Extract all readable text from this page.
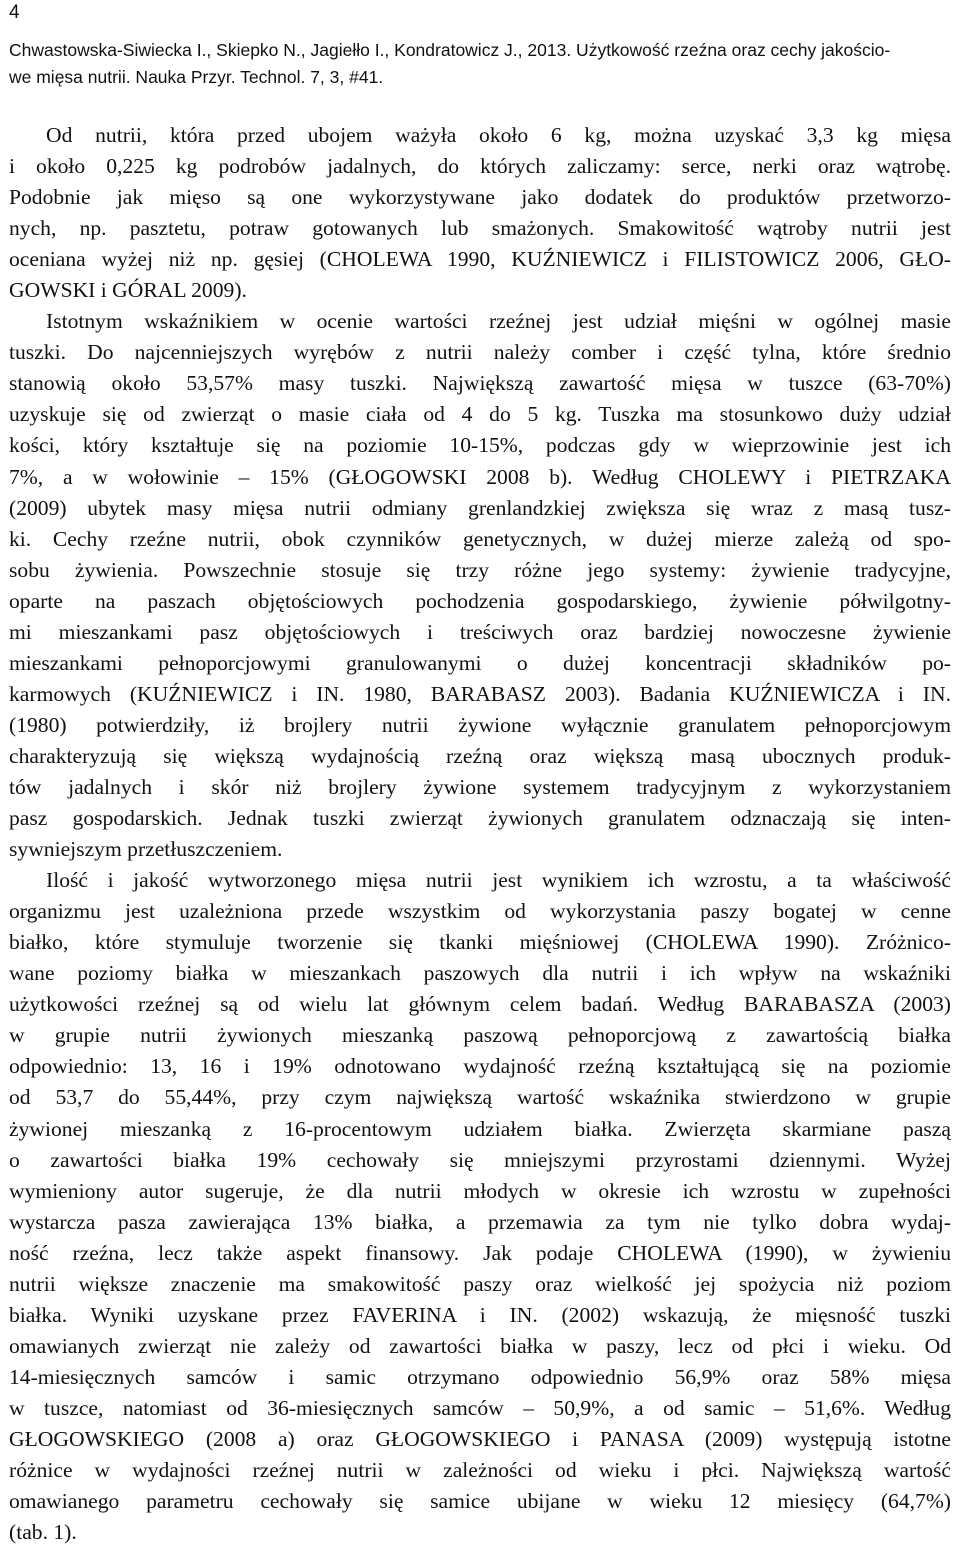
4
Chwastowska-Siwiecka I., Skiepko N., Jagiełło I., Kondratowicz J., 2013. Użytkowość rzeźna oraz cechy jakościo-
we mięsa nutrii. Nauka Przyr. Technol. 7, 3, #41.
Od nutrii, która przed ubojem ważyła około 6 kg, można uzyskać 3,3 kg mięsa
i około 0,225 kg podrobów jadalnych, do których zaliczamy: serce, nerki oraz wątrobę.
Podobnie jak mięso są one wykorzystywane jako dodatek do produktów przetworzo-
nych, np. pasztetu, potraw gotowanych lub smażonych. Smakowitość wątroby nutrii jest
oceniana wyżej niż np. gęsiej (CHOLEWA 1990, KUŹNIEWICZ i FILISTOWICZ 2006, GŁO-
GOWSKI i GÓRAL 2009).
Istotnym wskaźnikiem w ocenie wartości rzeźnej jest udział mięśni w ogólnej masie
tuszki. Do najcenniejszych wyrębów z nutrii należy comber i część tylna, które średnio
stanowią około 53,57% masy tuszki. Największą zawartość mięsa w tuszce (63-70%)
uzyskuje się od zwierząt o masie ciała od 4 do 5 kg. Tuszka ma stosunkowo duży udział
kości, który kształtuje się na poziomie 10-15%, podczas gdy w wieprzowinie jest ich
7%, a w wołowinie – 15% (GŁOGOWSKI 2008 b). Według CHOLEWY i PIETRZAKA
(2009) ubytek masy mięsa nutrii odmiany grenlandzkiej zwiększa się wraz z masą tusz-
ki. Cechy rzeźne nutrii, obok czynników genetycznych, w dużej mierze zależą od spo-
sobu żywienia. Powszechnie stosuje się trzy różne jego systemy: żywienie tradycyjne,
oparte na paszach objętościowych pochodzenia gospodarskiego, żywienie półwilgotny-
mi mieszankami pasz objętościowych i treściwych oraz bardziej nowoczesne żywienie
mieszankami pełnoporcjowymi granulowanymi o dużej koncentracji składników po-
karmowych (KUŹNIEWICZ i IN. 1980, BARABASZ 2003). Badania KUŹNIEWICZA i IN.
(1980) potwierdziły, iż brojlery nutrii żywione wyłącznie granulatem pełnoporcjowym
charakteryzują się większą wydajnością rzeźną oraz większą masą ubocznych produk-
tów jadalnych i skór niż brojlery żywione systemem tradycyjnym z wykorzystaniem
pasz gospodarskich. Jednak tuszki zwierząt żywionych granulatem odznaczają się inten-
sywniejszym przetłuszczeniem.
Ilość i jakość wytworzonego mięsa nutrii jest wynikiem ich wzrostu, a ta właściwość
organizmu jest uzależniona przede wszystkim od wykorzystania paszy bogatej w cenne
białko, które stymuluje tworzenie się tkanki mięśniowej (CHOLEWA 1990). Zróżnico-
wane poziomy białka w mieszankach paszowych dla nutrii i ich wpływ na wskaźniki
użytkowości rzeźnej są od wielu lat głównym celem badań. Według BARABASZA (2003)
w grupie nutrii żywionych mieszanką paszową pełnoporcjową z zawartością białka
odpowiednio: 13, 16 i 19% odnotowano wydajność rzeźną kształtującą się na poziomie
od 53,7 do 55,44%, przy czym największą wartość wskaźnika stwierdzono w grupie
żywionej mieszanką z 16-procentowym udziałem białka. Zwierzęta skarmiane paszą
o zawartości białka 19% cechowały się mniejszymi przyrostami dziennymi. Wyżej
wymieniony autor sugeruje, że dla nutrii młodych w okresie ich wzrostu w zupełności
wystarcza pasza zawierająca 13% białka, a przemawia za tym nie tylko dobra wydaj-
ność rzeźna, lecz także aspekt finansowy. Jak podaje CHOLEWA (1990), w żywieniu
nutrii większe znaczenie ma smakowitość paszy oraz wielkość jej spożycia niż poziom
białka. Wyniki uzyskane przez FAVERINA i IN. (2002) wskazują, że mięsność tuszki
omawianych zwierząt nie zależy od zawartości białka w paszy, lecz od płci i wieku. Od
14-miesięcznych samców i samic otrzymano odpowiednio 56,9% oraz 58% mięsa
w tuszce, natomiast od 36-miesięcznych samców – 50,9%, a od samic – 51,6%. Według
GŁOGOWSKIEGO (2008 a) oraz GŁOGOWSKIEGO i PANASA (2009) występują istotne
różnice w wydajności rzeźnej nutrii w zależności od wieku i płci. Największą wartość
omawianego parametru cechowały się samice ubijane w wieku 12 miesięcy (64,7%)
(tab. 1).
